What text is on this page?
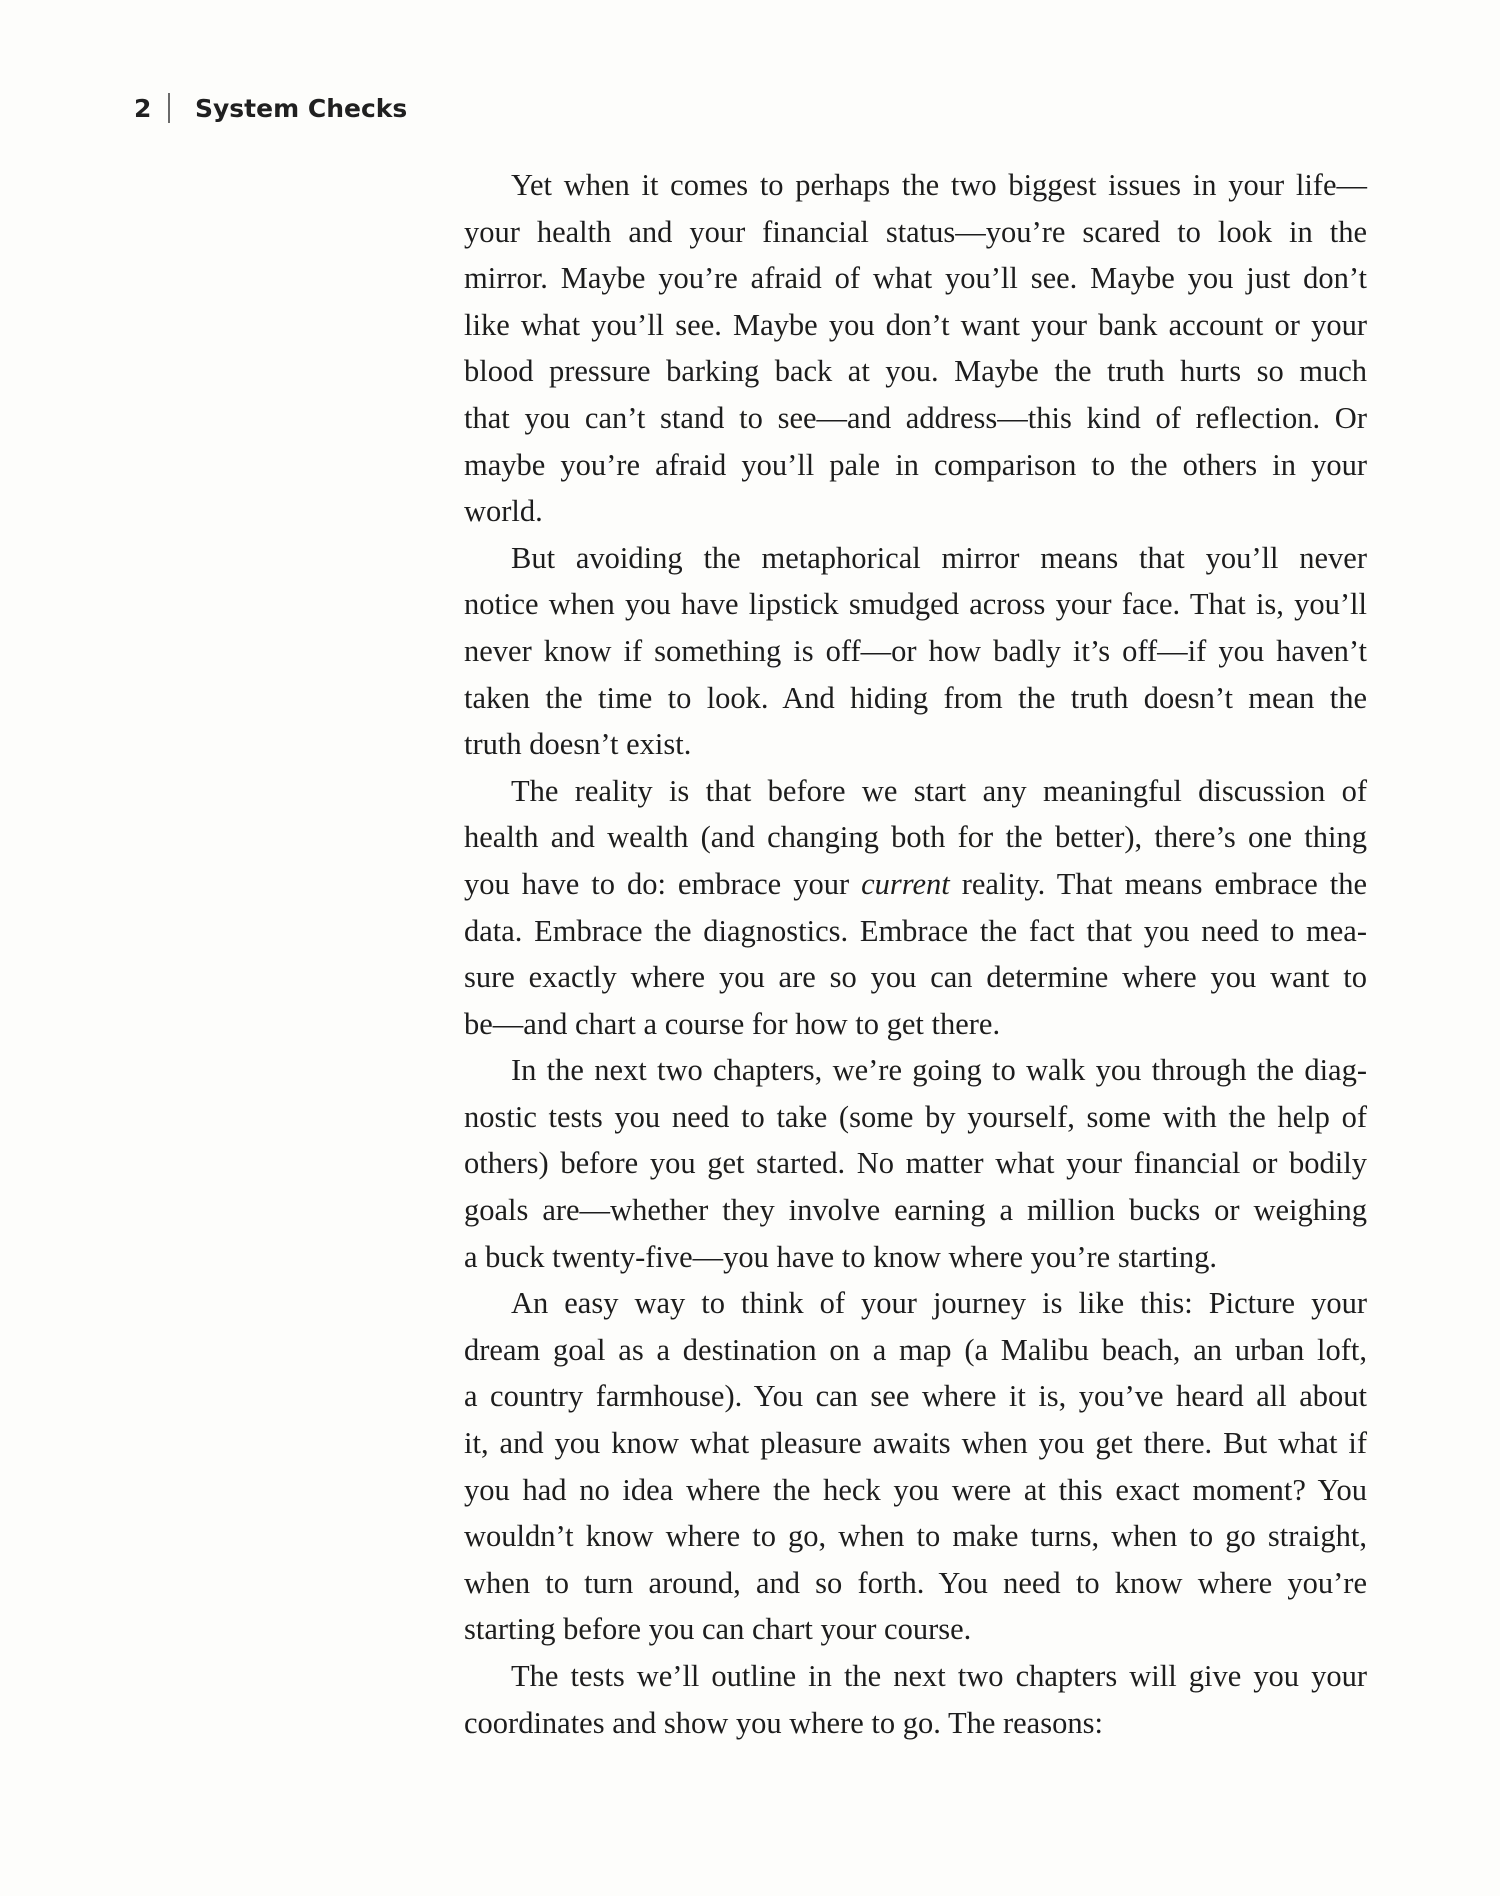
2	System Checks

Yet when it comes to perhaps the two biggest issues in your life—
your health and your financial status—you’re scared to look in the
mirror. Maybe you’re afraid of what you’ll see. Maybe you just don’t
like what you’ll see. Maybe you don’t want your bank account or your
blood pressure barking back at you. Maybe the truth hurts so much
that you can’t stand to see—and address—this kind of reflection. Or
maybe you’re afraid you’ll pale in comparison to the others in your
world.

But avoiding the metaphorical mirror means that you’ll never
notice when you have lipstick smudged across your face. That is, you’ll
never know if something is off—or how badly it’s off—if you haven’t
taken the time to look. And hiding from the truth doesn’t mean the
truth doesn’t exist.

The reality is that before we start any meaningful discussion of
health and wealth (and changing both for the better), there’s one thing
you have to do: embrace your current reality. That means embrace the
data. Embrace the diagnostics. Embrace the fact that you need to mea-
sure exactly where you are so you can determine where you want to
be—and chart a course for how to get there.

In the next two chapters, we’re going to walk you through the diag-
nostic tests you need to take (some by yourself, some with the help of
others) before you get started. No matter what your financial or bodily
goals are—whether they involve earning a million bucks or weighing
a buck twenty-five—you have to know where you’re starting.

An easy way to think of your journey is like this: Picture your
dream goal as a destination on a map (a Malibu beach, an urban loft,
a country farmhouse). You can see where it is, you’ve heard all about
it, and you know what pleasure awaits when you get there. But what if
you had no idea where the heck you were at this exact moment? You
wouldn’t know where to go, when to make turns, when to go straight,
when to turn around, and so forth. You need to know where you’re
starting before you can chart your course.

The tests we’ll outline in the next two chapters will give you your
coordinates and show you where to go. The reasons:
